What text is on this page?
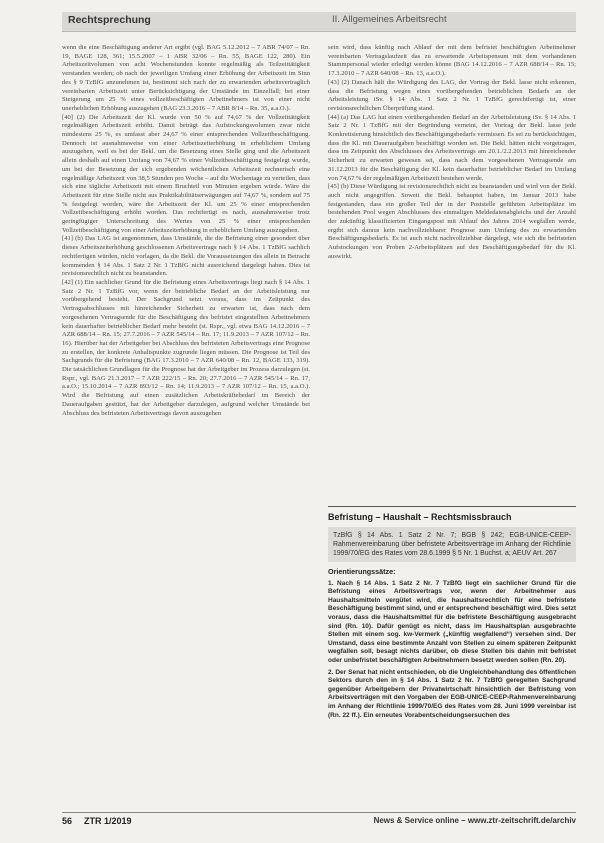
Rechtsprechung	II. Allgemeines Arbeitsrecht

wenn die eine Beschäftigung anderer Art ergibt (vgl. BAG 5.12.2012 – 7 ABR 74/07 – Rn. 19, BAGE 128, 361; 15.5.2007 – 1 ABR 32/06 – Rn. 55, BAGE 122, 280). Ein Arbeitszeitvolumen von acht Wochenstunden konnte regelmäßig als Teilzeittätigkeit verstanden werden; ob nach der jeweiligen Umfang einer Erhöhung der Arbeitszeit im Sinn des § 9 TzBfG anzunehmen ist, bestimmt sich nach der zu erwartenden arbeitsvertraglich vereinbarten Arbeitszeit unter Berücksichtigung der Umstände im Einzelfall; bei einer Steigerung um 25 % eines vollzeitbeschäftigten Arbeitnehmers ist von einer nicht unerheblichen Erhöhung auszugehen (BAG 23.3.2016 – 7 ABR 8/14 – Rn. 35, a.a.O.).

[40] (2) Die Arbeitszeit der Kl. wurde von 50 % auf 74,67 % der Vollzeittätigkeit regelmäßigen Arbeitszeit erhöht. Damit beträgt das Aufstockungsvolumen zwar nicht mindestens 25 %, es umfasst aber 24,67 % einer entsprechenden Vollzeitbeschäftigung. Dennoch ist ausnahmsweise von einer Arbeitszeiterhöhung in erheblichem Umfang auszugehen, weil es bei der Bekl. um die Besetzung eines Stelle ging und die Arbeitszeit allein deshalb auf einen Umfang von 74,67 % einer Vollzeitbeschäftigung festgelegt wurde, um bei der Besetzung der sich ergebenden wöchentlichen Arbeitszeit rechnerisch eine regelmäßige Arbeitszeit von 38,5 Stunden pro Woche – auf die Wochentage zu verteilen, dass sich eine tägliche Arbeitszeit mit einem Bruchteil von Minuten ergeben würde. Wäre die Arbeitszeit für eine Stelle nicht aus Praktikabilitätserwägungen auf 74,67 %, sondern auf 75 % festgelegt worden, wäre die Arbeitszeit der Kl. um 25 % einer entsprechenden Vollzeitbeschäftigung erhöht worden. Das rechtfertigt es nach, ausnahmsweise trotz geringfügiger Unterschreitung des Wertes von 25 % einer entsprechenden Vollzeitbeschäftigung von einer Arbeitszeiterhöhung in erheblichem Umfang auszugehen.

[41] (b) Das LAG ist angenommen, dass Umstände, die die Befristung einer gesondert über dieses Arbeitszeiterhöhung geschlossenen Arbeitsvertrags nach § 14 Abs. 1 TzBfG sachlich rechtfertigen würden, nicht vorlagen, da die Bekl. die Voraussetzungen des allein in Betracht kommenden § 14 Abs. 1 Satz 2 Nr. 1 TzBfG nicht ausreichend dargelegt haben. Dies ist revisionsrechtlich nicht zu beanstanden.

[42] (1) Ein sachlicher Grund für die Befristung eines Arbeitsvertrags liegt nach § 14 Abs. 1 Satz 2 Nr. 1 TzBfG vor, wenn der betriebliche Bedarf an der Arbeitsleistung nur vorübergehend besteht. Der Sachgrund setzt voraus, dass im Zeitpunkt des Vertragsabschlusses mit hinreichender Sicherheit zu erwarten ist, dass nach dem vorgesehenen Vertragsende für die Beschäftigung des befristet eingestellten Arbeitnehmers kein dauerhafter betrieblicher Bedarf mehr besteht (st. Rspr., vgl. etwa BAG 14.12.2016 – 7 AZR 688/14 – Rn. 15; 27.7.2016 – 7 AZR 545/14 – Rn. 17; 11.9.2013 – 7 AZR 107/12 – Rn. 16). Hierüber hat der Arbeitgeber bei Abschluss des befristeten Arbeitsvertrags eine Prognose zu erstellen, der konkrete Anhaltspunkte zugrunde liegen müssen. Die Prognose ist Teil des Sachgrunds für die Befristung (BAG 17.3.2010 – 7 AZR 640/08 – Rn. 12, BAGE 133, 319). Die tatsächlichen Grundlagen für die Prognose hat der Arbeitgeber im Prozess darzulegen (st. Rspr., vgl. BAG 21.3.2017 – 7 AZR 222/15 – Rn. 20; 27.7.2016 – 7 AZR 545/14 – Rn. 17, a.a.O.; 15.10.2014 – 7 AZR 893/12 – Rn. 14; 11.9.2013 – 7 AZR 107/12 – Rn. 15, a.a.O.). Wird die Befristung auf einen zusätzlichen Arbeitskräftebedarf im Bereich der Daueraufgaben gestützt, hat der Arbeitgeber darzulegen, aufgrund welcher Umstände bei Abschluss des befristeten Arbeitsvertrags davon auszugehen

sein wird, dass künftig nach Ablauf der mit dem befristet beschäftigten Arbeitnehmer vereinbarten Vertragslaufzeit das zu erwartende Arbeitspensum mit dem vorhandenen Stammpersonal wieder erledigt werden könne (BAG 14.12.2016 – 7 AZR 688/14 – Rn. 15; 17.3.2010 – 7 AZR 640/08 – Rn. 13, a.a.O.).

[43] (2) Danach hält die Würdigung des LAG, der Vortrag der Bekl. lasse nicht erkennen, dass die Befristung wegen eines vorübergehenden betrieblichen Bedarfs an der Arbeitsleistung iSv. § 14 Abs. 1 Satz 2 Nr. 1 TzBfG gerechtfertigt ist, einer revisionsrechtlichen Überprüfung stand.

[44] (a) Das LAG hat einen vorübergehenden Bedarf an der Arbeitsleistung iSv. § 14 Abs. 1 Satz 2 Nr. 1 TzBfG mit der Begründung verneint, der Vortrag der Bekl. lasse jede Konkretisierung hinsichtlich des Beschäftigungsbedarfs vermissen. Es sei zu berücksichtigen, dass die Kl. mit Daueraufgaben beschäftigt worden sei. Die Bekl. hätten nicht vorgetragen, dass im Zeitpunkt des Abschlusses des Arbeitsvertrags am 20.1./2.2.2013 mit hinreichender Sicherheit zu erwarten gewesen sei, dass nach dem vorgesehenen Vertragsende am 31.12.2013 für die Beschäftigung der Kl. kein dauerhafter betrieblicher Bedarf im Umfang von 74,67 % der regelmäßigen Arbeitszeit bestehen werde.

[45] (b) Diese Würdigung ist revisionsrechtlich nicht zu beanstanden und wird von der Bekl. auch nicht angegriffen. Soweit die Bekl. behauptet haben, im Januar 2013 habe festgestanden, dass ein großer Teil der in der Poststelle geführten Arbeitsplätze im bestehenden Pool wegen Abschlusses des einmaligen Meldedatenabgleichs und der Anzahl der zukünftig klassifizierten Eingangspost mit Ablauf des Jahres 2014 wegfallen werde, ergibt sich daraus kein nachvollziehbarer Prognose zum Umfang des zu erwartenden Beschäftigungsbedarfs. Es ist auch nicht nachvollziehbar dargelegt, wie sich die befristeten Aufstockungen von Proben 2-Arbeitsplätzen auf den Beschäftigungsbedarf für die Kl. auswirkt.

Befristung – Haushalt – Rechtsmissbrauch
TzBfG § 14 Abs. 1 Satz 2 Nr. 7; BGB § 242; EGB-UNICE-CEEP-Rahmenvereinbarung über befristete Arbeitsverträge im Anhang der Richtlinie 1999/70/EG des Rates vom 28.6.1999 § 5 Nr. 1 Buchst. a; AEUV Art. 267
Orientierungssätze:

1. Nach § 14 Abs. 1 Satz 2 Nr. 7 TzBfG liegt ein sachlicher Grund für die Befristung eines Arbeitsvertrags vor, wenn der Arbeitnehmer aus Haushaltsmitteln vergütet wird, die haushaltsrechtlich für eine befristete Beschäftigung bestimmt sind, und er entsprechend beschäftigt wird. Dies setzt voraus, dass die Haushaltsmittel für die befristete Beschäftigung ausgebracht sind (Rn. 10). Dafür genügt es nicht, dass im Haushaltsplan ausgebrachte Stellen mit einem sog. kw-Vermerk („künftig wegfallend“) versehen sind. Der Umstand, dass eine bestimmte Anzahl von Stellen zu einem späteren Zeitpunkt wegfallen soll, besagt nichts darüber, ob diese Stellen bis dahin mit befristet oder unbefristet beschäftigten Arbeitnehmern besetzt werden sollen (Rn. 20).

2. Der Senat hat nicht entschieden, ob die Ungleichbehandlung des öffentlichen Sektors durch den in § 14 Abs. 1 Satz 2 Nr. 7 TzBfG geregelten Sachgrund gegenüber Arbeitgebern der Privatwirtschaft hinsichtlich der Befristung von Arbeitsverträgen mit den Vorgaben der EGB-UNICE-CEEP-Rahmenvereinbarung im Anhang der Richtlinie 1999/70/EG des Rates vom 28. Juni 1999 vereinbar ist (Rn. 22 ff.). Ein erneutes Vorabentscheidungsersuchen des

56 ZTR 1/2019	News & Service online – www.ztr-zeitschrift.de/archiv
